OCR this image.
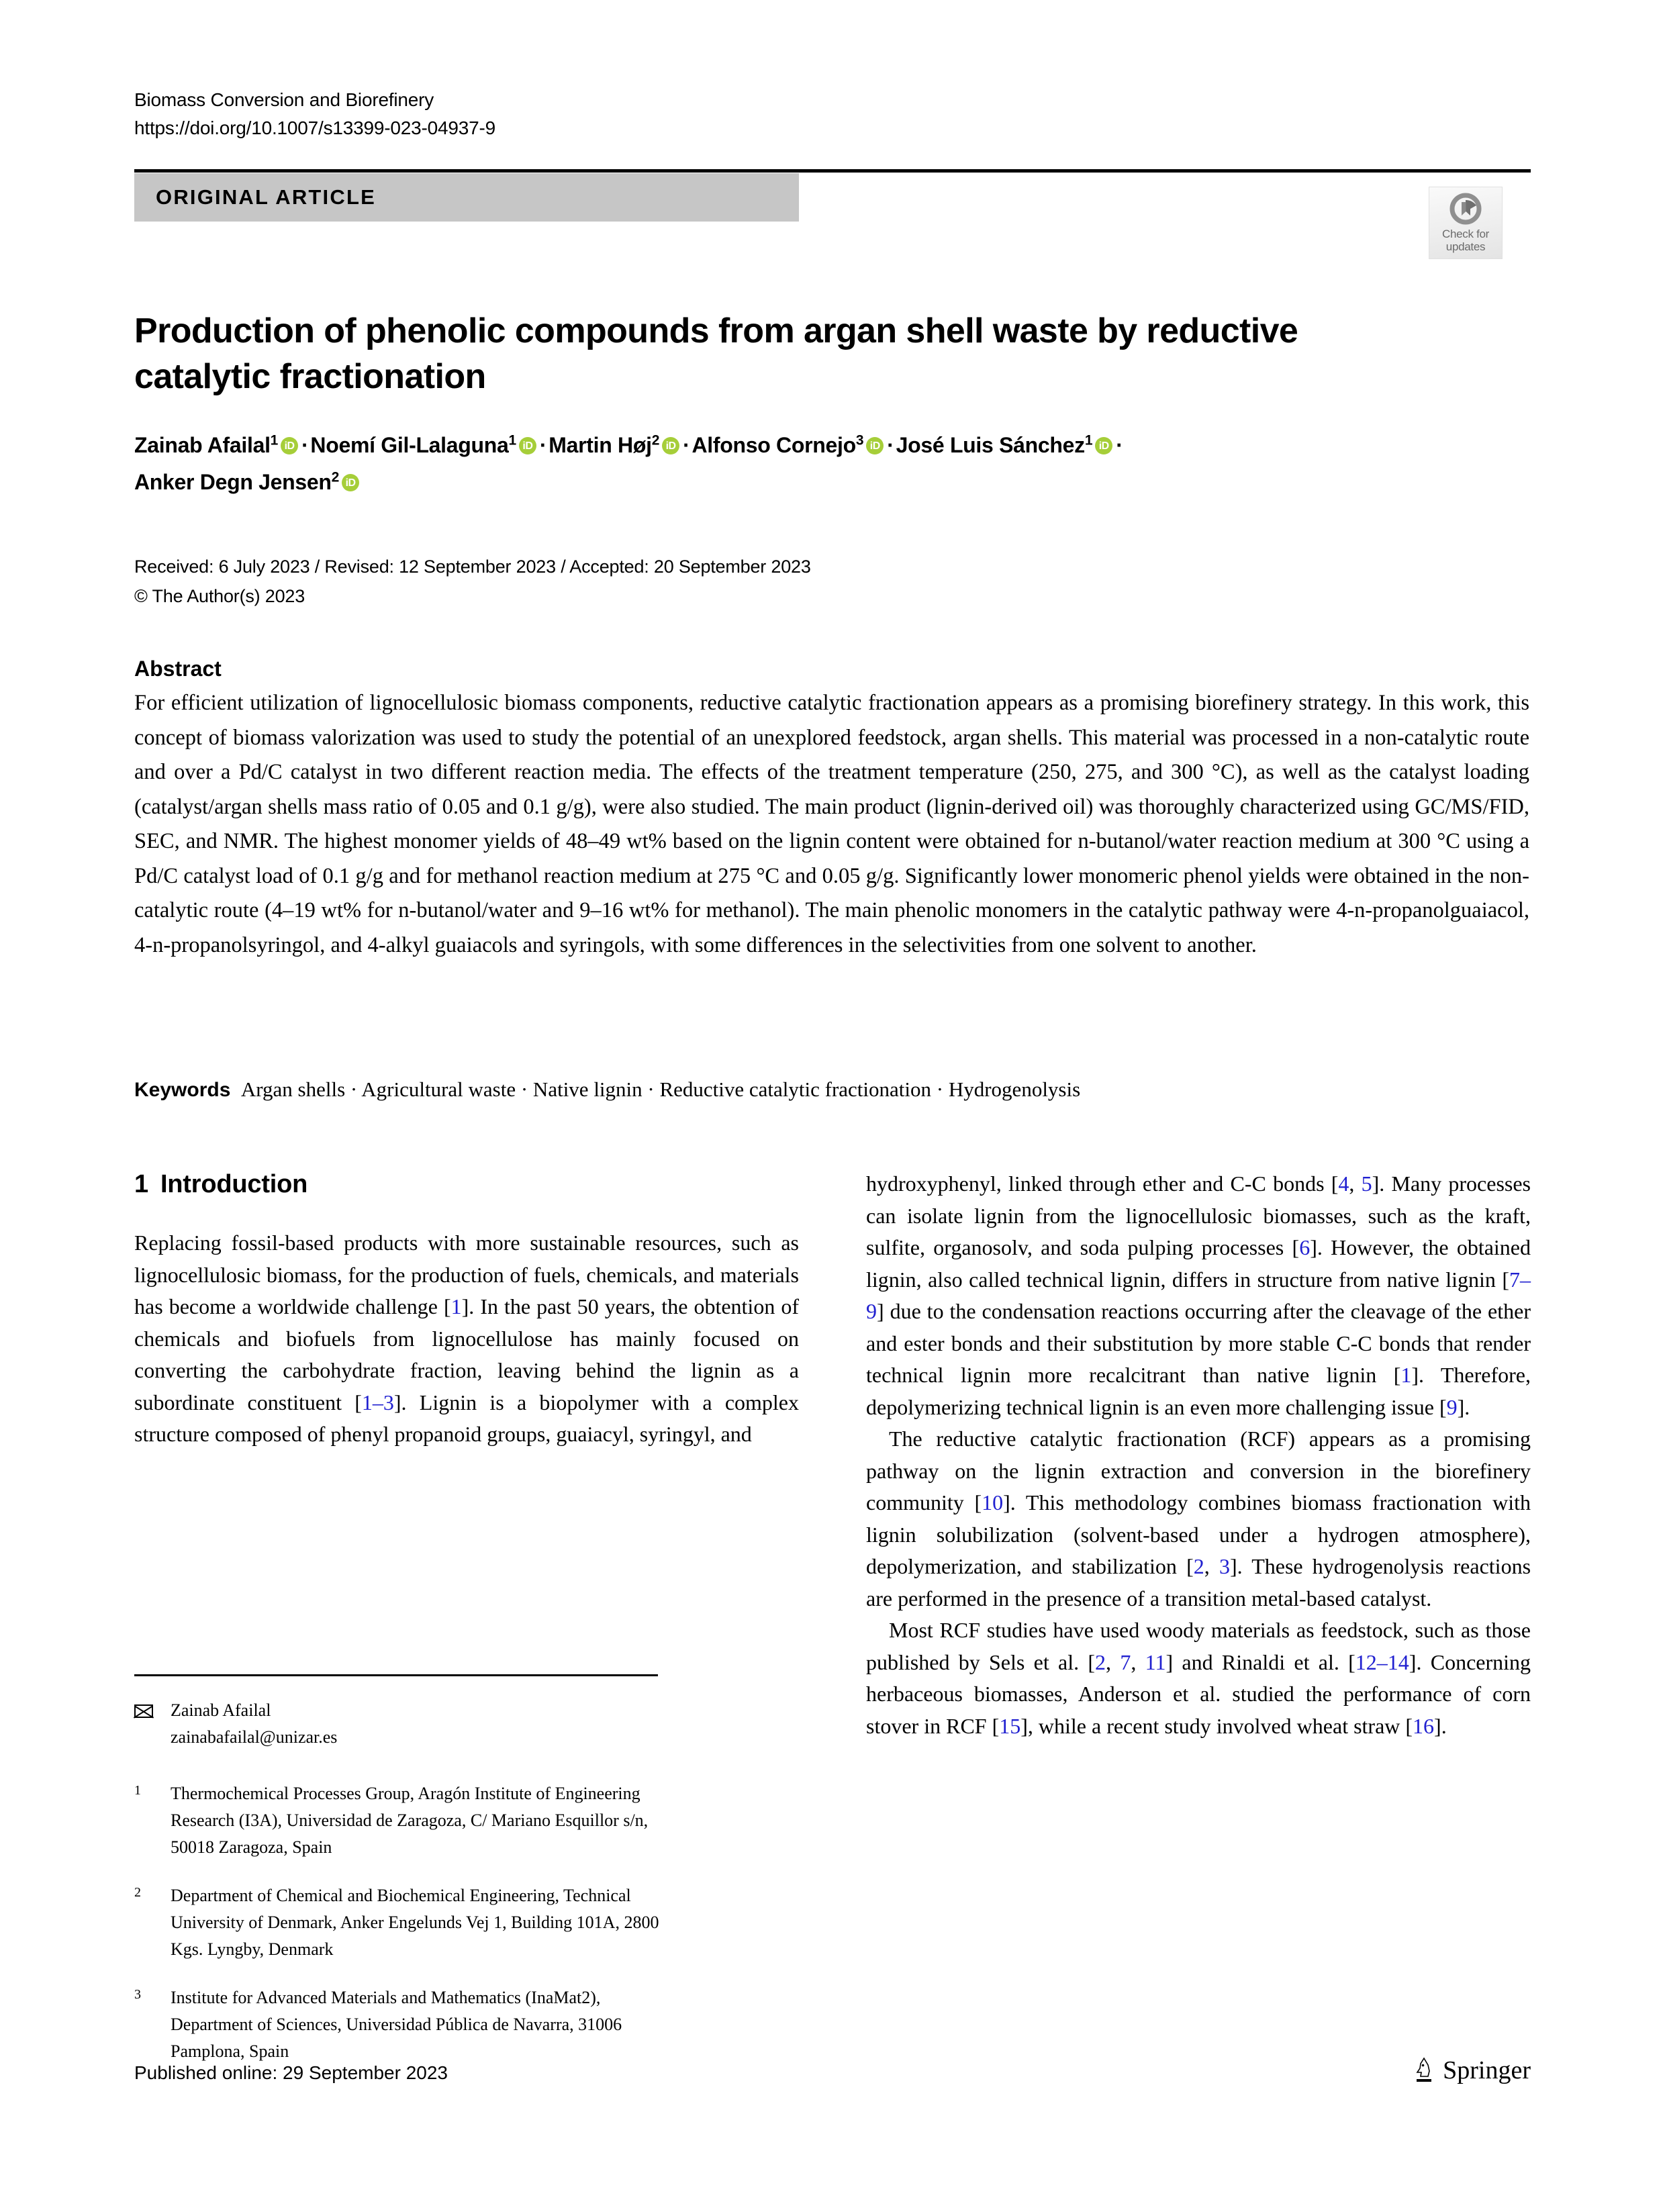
Biomass Conversion and Biorefinery
https://doi.org/10.1007/s13399-023-04937-9
ORIGINAL ARTICLE
Check for
updates
Production of phenolic compounds from argan shell waste by reductive catalytic fractionation
Zainab Afailal$^1$ iD ·Noemí Gil-Lalaguna$^1$ iD ·Martin Høj$^2$ iD ·Alfonso Cornejo$^3$ iD ·José Luis Sánchez$^1$ iD ·
Anker Degn Jensen$^2$iD
Received: 6 July 2023 / Revised: 12 September 2023 / Accepted: 20 September 2023
© The Author(s) 2023
Abstract
For efficient utilization of lignocellulosic biomass components, reductive catalytic fractionation appears as a promising biorefinery strategy. In this work, this concept of biomass valorization was used to study the potential of an unexplored feedstock, argan shells. This material was processed in a non-catalytic route and over a Pd/C catalyst in two different reaction media. The effects of the treatment temperature (250, 275, and 300 °C), as well as the catalyst loading (catalyst/argan shells mass ratio of 0.05 and 0.1 g/g), were also studied. The main product (lignin-derived oil) was thoroughly characterized using GC/MS/FID, SEC, and NMR. The highest monomer yields of 48–49 wt% based on the lignin content were obtained for n-butanol/water reaction medium at 300 °C using a Pd/C catalyst load of 0.1 g/g and for methanol reaction medium at 275 °C and 0.05 g/g. Significantly lower monomeric phenol yields were obtained in the non-catalytic route (4–19 wt% for n-butanol/water and 9–16 wt% for methanol). The main phenolic monomers in the catalytic pathway were 4-n-propanolguaiacol, 4-n-propanolsyringol, and 4-alkyl guaiacols and syringols, with some differences in the selectivities from one solvent to another.
Keywords Argan shells · Agricultural waste · Native lignin · Reductive catalytic fractionation · Hydrogenolysis
1 Introduction

Replacing fossil-based products with more sustainable resources, such as lignocellulosic biomass, for the production of fuels, chemicals, and materials has become a worldwide challenge [1]. In the past 50 years, the obtention of chemicals and biofuels from lignocellulose has mainly focused on converting the carbohydrate fraction, leaving behind the lignin as a subordinate constituent [1–3]. Lignin is a biopolymer with a complex structure composed of phenyl propanoid groups, guaiacyl, syringyl, and

hydroxyphenyl, linked through ether and C-C bonds [4, 5]. Many processes can isolate lignin from the lignocellulosic biomasses, such as the kraft, sulfite, organosolv, and soda pulping processes [6]. However, the obtained lignin, also called technical lignin, differs in structure from native lignin [7–9] due to the condensation reactions occurring after the cleavage of the ether and ester bonds and their substitution by more stable C-C bonds that render technical lignin more recalcitrant than native lignin [1]. Therefore, depolymerizing technical lignin is an even more challenging issue [9].

The reductive catalytic fractionation (RCF) appears as a promising pathway on the lignin extraction and conversion in the biorefinery community [10]. This methodology combines biomass fractionation with lignin solubilization (solvent-based under a hydrogen atmosphere), depolymerization, and stabilization [2, 3]. These hydrogenolysis reactions are performed in the presence of a transition metal-based catalyst.

Most RCF studies have used woody materials as feedstock, such as those published by Sels et al. [2, 7, 11] and Rinaldi et al. [12–14]. Concerning herbaceous biomasses, Anderson et al. studied the performance of corn stover in RCF [15], while a recent study involved wheat straw [16].

Zainab Afailal
zainabafailal@unizar.es
1	Thermochemical Processes Group, Aragón Institute of Engineering Research (I3A), Universidad de Zaragoza, C/ Mariano Esquillor s/n, 50018 Zaragoza, Spain
2	Department of Chemical and Biochemical Engineering, Technical University of Denmark, Anker Engelunds Vej 1, Building 101A, 2800 Kgs. Lyngby, Denmark
3	Institute for Advanced Materials and Mathematics (InaMat2), Department of Sciences, Universidad Pública de Navarra, 31006 Pamplona, Spain
Published online: 29 September 2023	Springer
